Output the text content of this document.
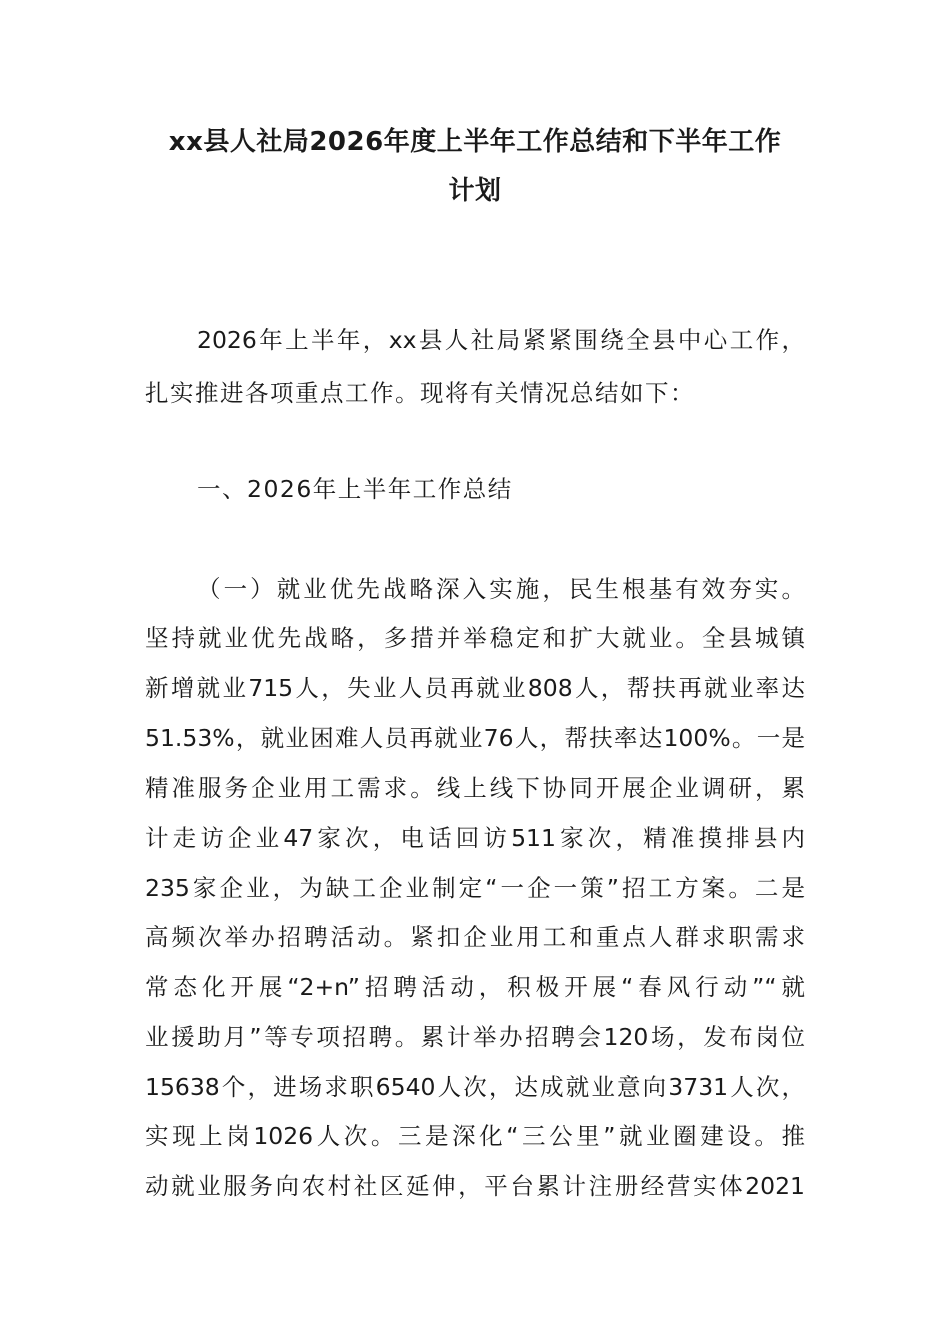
xx县人社局2026年度上半年工作总结和下半年工作
计划
2026年上半年，xx县人社局紧紧围绕全县中心工作，
扎实推进各项重点工作。现将有关情况总结如下：
一、2026年上半年工作总结
（一）就业优先战略深入实施，民生根基有效夯实。
坚持就业优先战略，多措并举稳定和扩大就业。全县城镇
新增就业715人，失业人员再就业808人，帮扶再就业率达
51.53%，就业困难人员再就业76人，帮扶率达100%。一是
精准服务企业用工需求。线上线下协同开展企业调研，累
计走访企业47家次，电话回访511家次，精准摸排县内
235家企业，为缺工企业制定“一企一策”招工方案。二是
高频次举办招聘活动。紧扣企业用工和重点人群求职需求
常态化开展“2+n”招聘活动，积极开展“春风行动”“就
业援助月”等专项招聘。累计举办招聘会120场，发布岗位
15638个，进场求职6540人次，达成就业意向3731人次，
实现上岗1026人次。三是深化“三公里”就业圈建设。推
动就业服务向农村社区延伸，平台累计注册经营实体2021
